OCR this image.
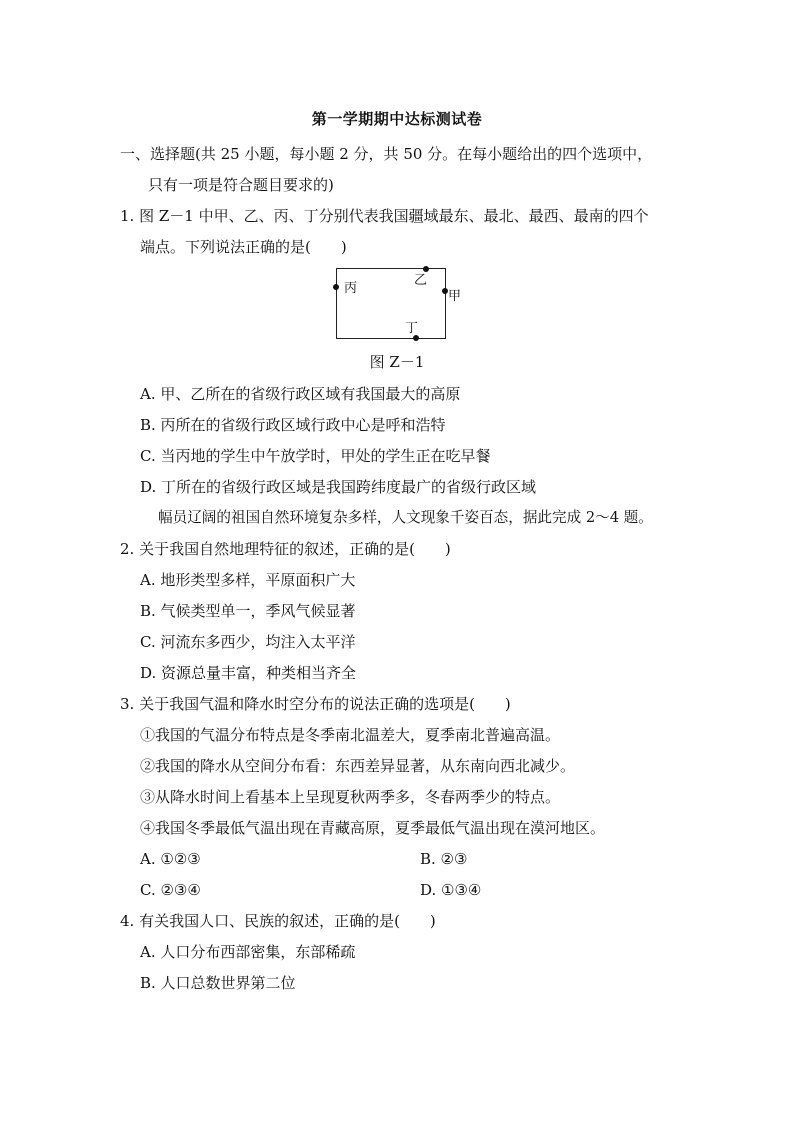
第一学期期中达标测试卷
一、选择题(共 25 小题，每小题 2 分，共 50 分。在每小题给出的四个选项中，
只有一项是符合题目要求的)
1. 图 Z－1 中甲、乙、丙、丁分别代表我国疆域最东、最北、最西、最南的四个
端点。下列说法正确的是(　　)
丙
乙
甲
丁
图 Z－1
A. 甲、乙所在的省级行政区域有我国最大的高原
B. 丙所在的省级行政区域行政中心是呼和浩特
C. 当丙地的学生中午放学时，甲处的学生正在吃早餐
D. 丁所在的省级行政区域是我国跨纬度最广的省级行政区域
幅员辽阔的祖国自然环境复杂多样，人文现象千姿百态，据此完成 2～4 题。
2. 关于我国自然地理特征的叙述，正确的是(　　)
A. 地形类型多样，平原面积广大
B. 气候类型单一，季风气候显著
C. 河流东多西少，均注入太平洋
D. 资源总量丰富，种类相当齐全
3. 关于我国气温和降水时空分布的说法正确的选项是(　　)
①我国的气温分布特点是冬季南北温差大，夏季南北普遍高温。
②我国的降水从空间分布看：东西差异显著，从东南向西北减少。
③从降水时间上看基本上呈现夏秋两季多，冬春两季少的特点。
④我国冬季最低气温出现在青藏高原，夏季最低气温出现在漠河地区。
A. ①②③	B. ②③
C. ②③④	D. ①③④
4. 有关我国人口、民族的叙述，正确的是(　　)
A. 人口分布西部密集，东部稀疏
B. 人口总数世界第二位
